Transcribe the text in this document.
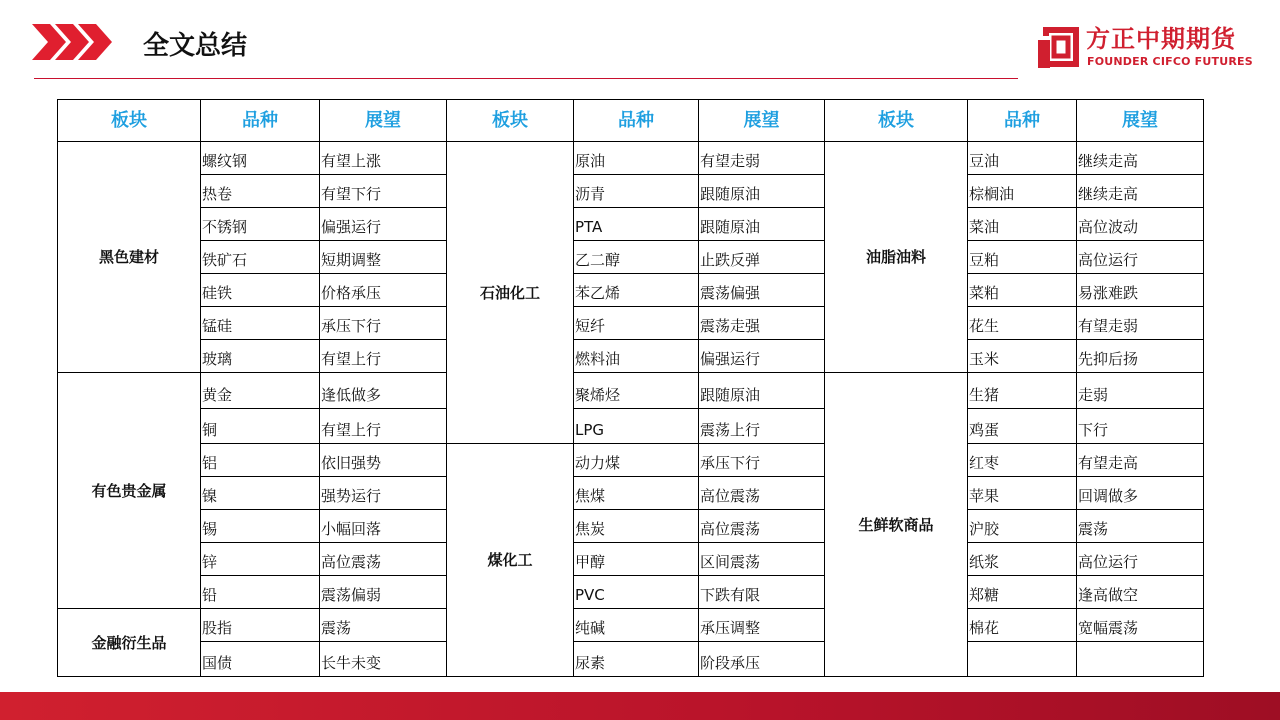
全文总结	方正中期期货
FOUNDER CIFCO FUTURES
板块	品种	展望	板块	品种	展望	板块	品种	展望
黑色建材	螺纹钢	有望上涨	石油化工	原油	有望走弱	油脂油料	豆油	继续走高
	热卷	有望下行		沥青	跟随原油		棕榈油	继续走高
	不锈钢	偏强运行		PTA	跟随原油		菜油	高位波动
	铁矿石	短期调整		乙二醇	止跌反弹		豆粕	高位运行
	硅铁	价格承压		苯乙烯	震荡偏强		菜粕	易涨难跌
	锰硅	承压下行		短纤	震荡走强		花生	有望走弱
	玻璃	有望上行		燃料油	偏强运行		玉米	先抑后扬
有色贵金属	黄金	逢低做多		聚烯烃	跟随原油	生鲜软商品	生猪	走弱
	铜	有望上行		LPG	震荡上行		鸡蛋	下行
	铝	依旧强势	煤化工	动力煤	承压下行		红枣	有望走高
	镍	强势运行		焦煤	高位震荡		苹果	回调做多
	锡	小幅回落		焦炭	高位震荡		沪胶	震荡
	锌	高位震荡		甲醇	区间震荡		纸浆	高位运行
	铅	震荡偏弱		PVC	下跌有限		郑糖	逢高做空
金融衍生品	股指	震荡		纯碱	承压调整		棉花	宽幅震荡
	国债	长牛未变		尿素	阶段承压			
